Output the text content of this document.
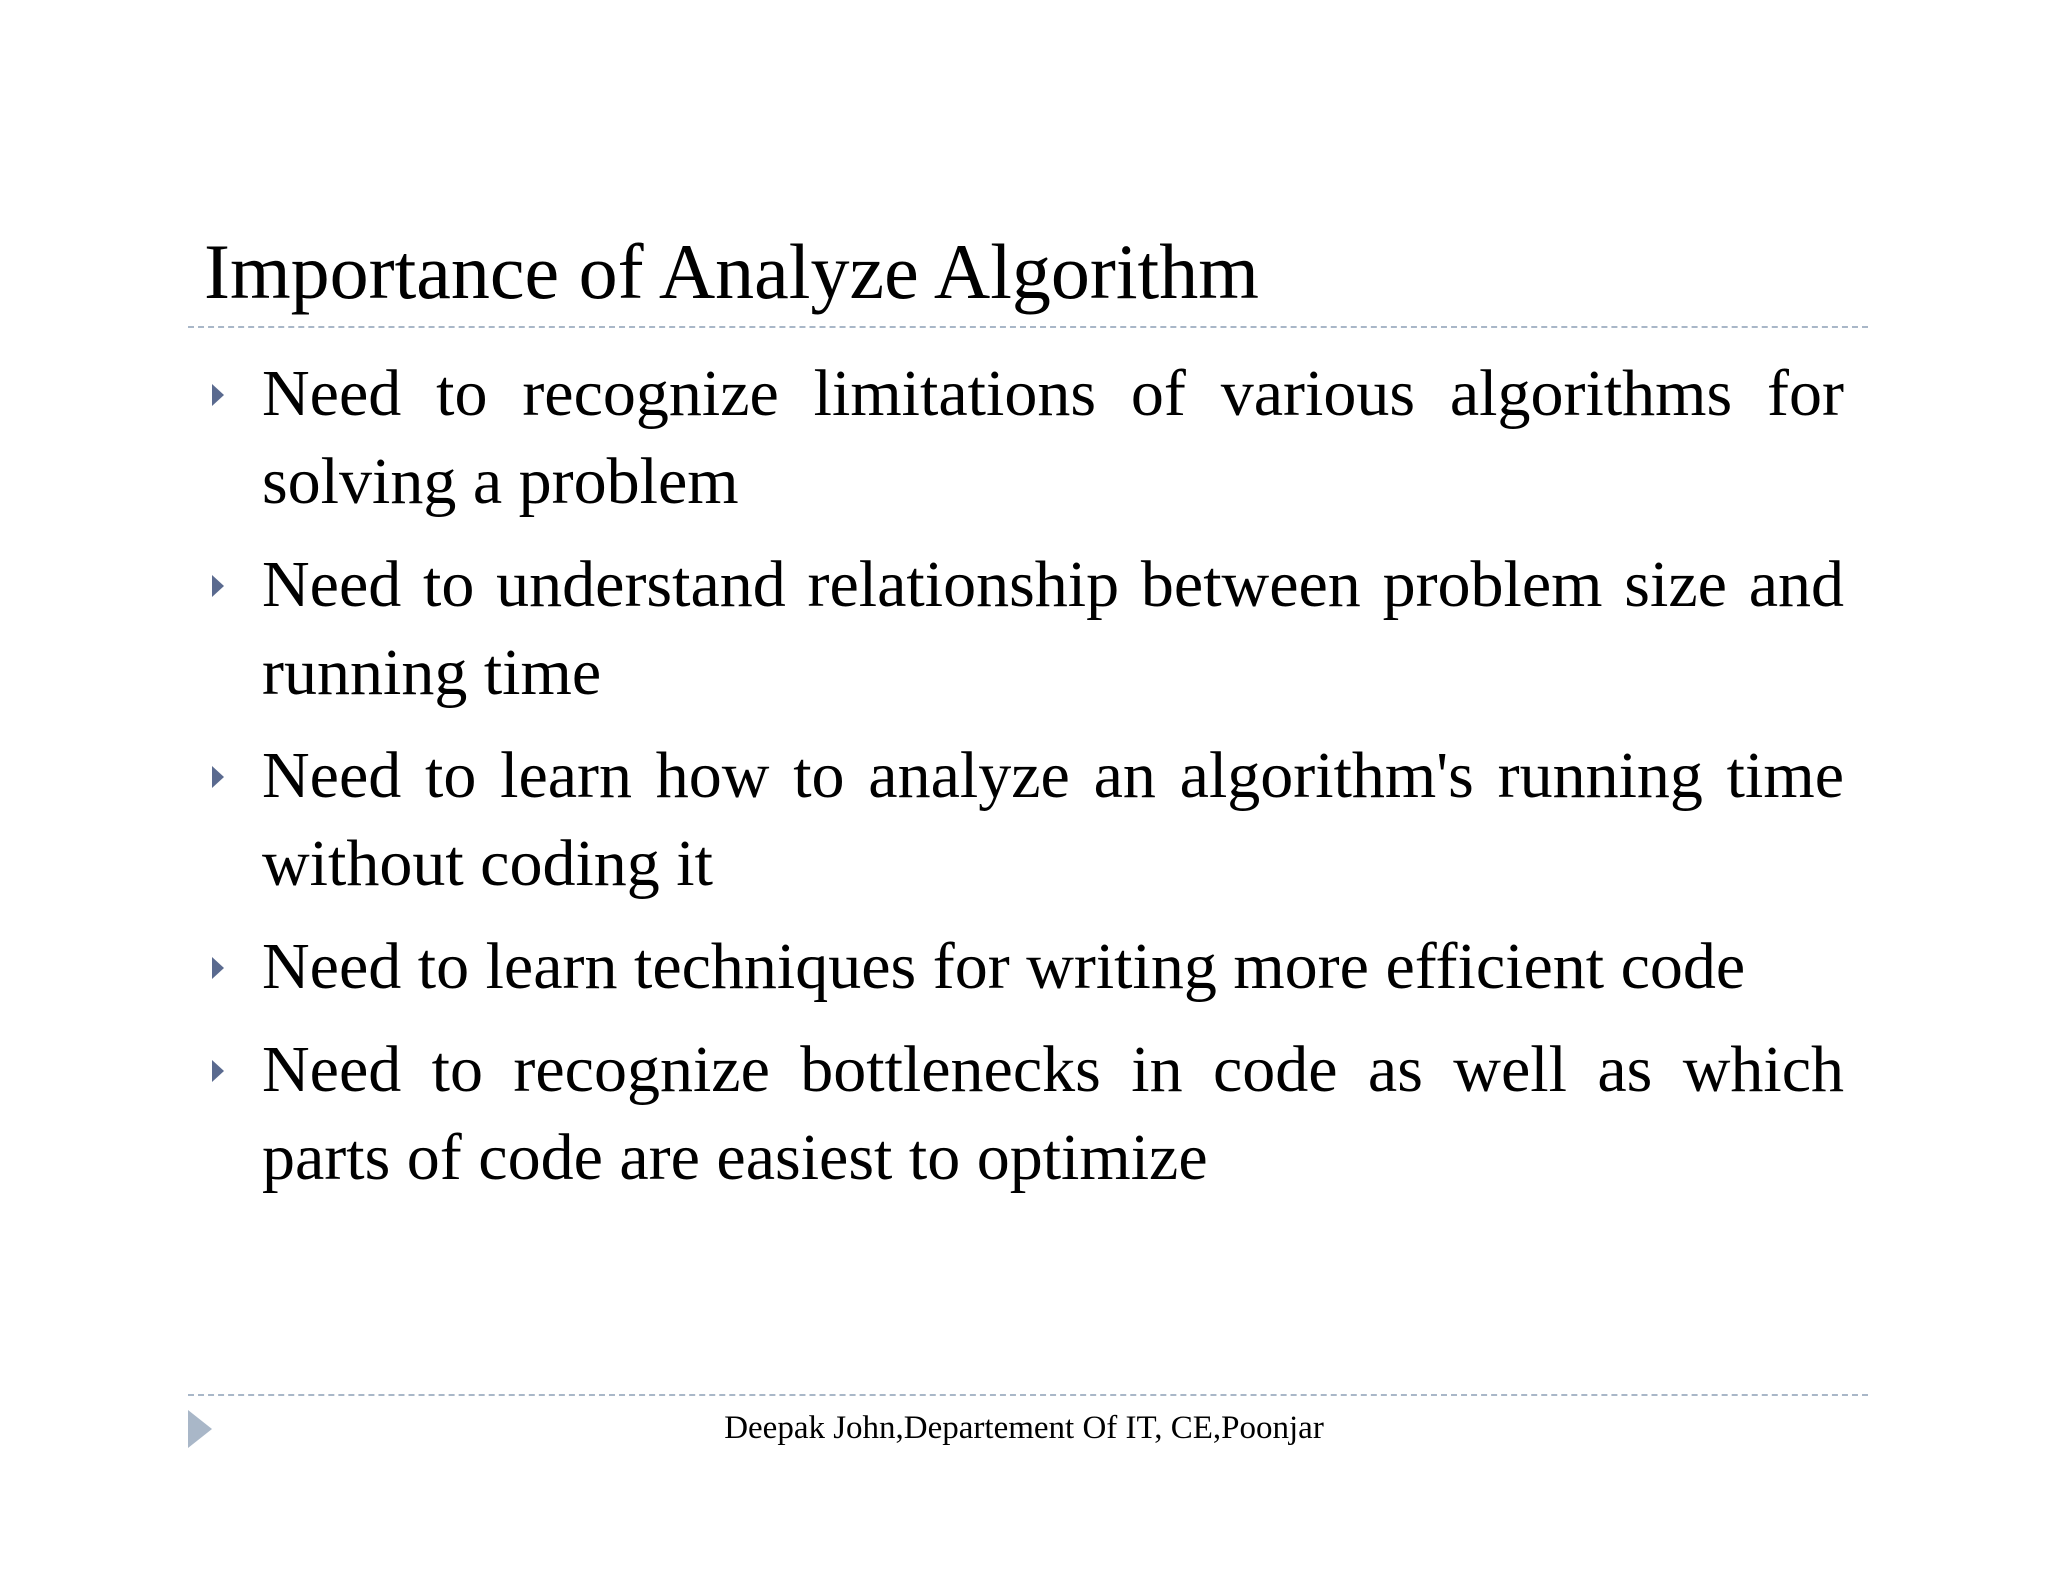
Importance of Analyze Algorithm
Need to recognize limitations of various algorithms for solving a problem
Need to understand relationship between problem size and running time
Need to learn how to analyze an algorithm's running time without coding it
Need to learn techniques for writing more efficient code
Need to recognize bottlenecks in code as well as which parts of code are easiest to optimize
Deepak John,Departement Of IT, CE,Poonjar
